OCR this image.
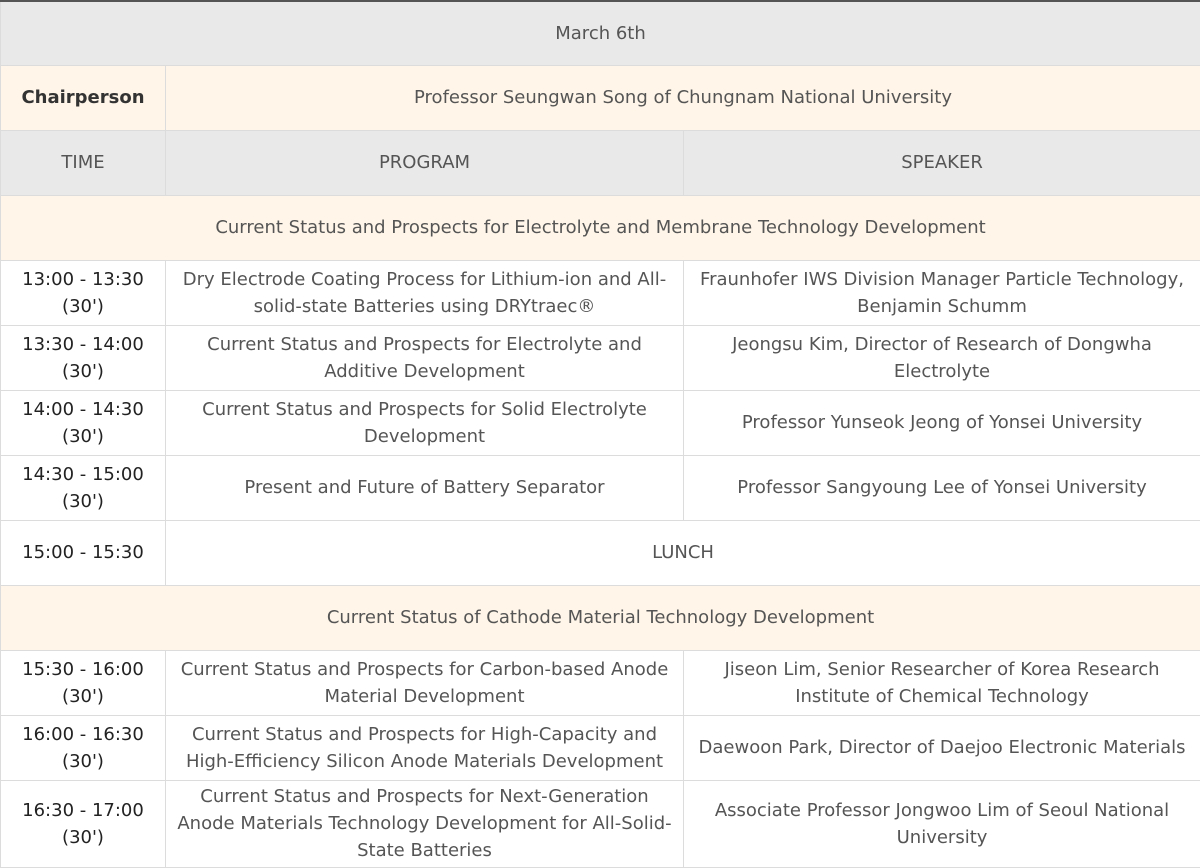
March 6th		
Chairperson	Professor Seungwan Song of Chungnam National University	
TIME	PROGRAM	SPEAKER
Current Status and Prospects for Electrolyte and Membrane Technology Development		
13:00 - 13:30 (30')	Dry Electrode Coating Process for Lithium-ion and All-solid-state Batteries using DRYtraec®	Fraunhofer IWS Division Manager Particle Technology, Benjamin Schumm
13:30 - 14:00 (30')	Current Status and Prospects for Electrolyte and Additive Development	Jeongsu Kim, Director of Research of Dongwha Electrolyte
14:00 - 14:30 (30')	Current Status and Prospects for Solid Electrolyte Development	Professor Yunseok Jeong of Yonsei University
14:30 - 15:00 (30')	Present and Future of Battery Separator	Professor Sangyoung Lee of Yonsei University
15:00 - 15:30	LUNCH	
Current Status of Cathode Material Technology Development		
15:30 - 16:00 (30')	Current Status and Prospects for Carbon-based Anode Material Development	Jiseon Lim, Senior Researcher of Korea Research Institute of Chemical Technology
16:00 - 16:30 (30')	Current Status and Prospects for High-Capacity and High-Efficiency Silicon Anode Materials Development	Daewoon Park, Director of Daejoo Electronic Materials
16:30 - 17:00 (30')	Current Status and Prospects for Next-Generation Anode Materials Technology Development for All-Solid-State Batteries	Associate Professor Jongwoo Lim of Seoul National University
